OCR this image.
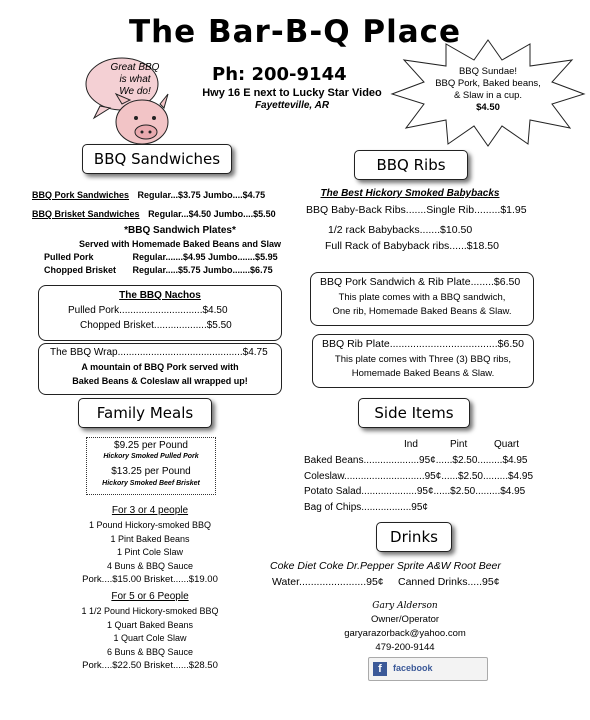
The Bar-B-Q Place
Great BBQ
is what
We do!
Ph: 200-9144
Hwy 16 E next to Lucky Star Video
Fayetteville, AR
BBQ Sundae!
BBQ Pork, Baked beans,
& Slaw in a cup.
$4.50
BBQ Sandwiches
BBQ Pork Sandwiches Regular...$3.75 Jumbo....$4.75
BBQ Brisket Sandwiches Regular...$4.50 Jumbo....$5.50
*BBQ Sandwich Plates*
Served with Homemade Baked Beans and Slaw
Pulled Pork	Regular.......$4.95 Jumbo.......$5.95
Chopped Brisket Regular.....$5.75 Jumbo.......$6.75
The BBQ Nachos
Pulled Pork..............................$4.50
Chopped Brisket...................$5.50
The BBQ Wrap.............................................$4.75
A mountain of BBQ Pork served with
Baked Beans & Coleslaw all wrapped up!
Family Meals
$9.25 per Pound
Hickory Smoked Pulled Pork
$13.25 per Pound
Hickory Smoked Beef Brisket
For 3 or 4 people
1 Pound Hickory-smoked BBQ
1 Pint Baked Beans
1 Pint Cole Slaw
4 Buns & BBQ Sauce
Pork....$15.00 Brisket......$19.00
For 5 or 6 People
1 1/2 Pound Hickory-smoked BBQ
1 Quart Baked Beans
1 Quart Cole Slaw
6 Buns & BBQ Sauce
Pork....$22.50 Brisket......$28.50
BBQ Ribs
The Best Hickory Smoked Babybacks
BBQ Baby-Back Ribs.......Single Rib.........$1.95
1/2 rack Babybacks.......$10.50
Full Rack of Babyback ribs......$18.50
BBQ Pork Sandwich & Rib Plate........$6.50
This plate comes with a BBQ sandwich,
One rib, Homemade Baked Beans & Slaw.
BBQ Rib Plate.....................................$6.50
This plate comes with Three (3) BBQ ribs,
Homemade Baked Beans & Slaw.
Side Items
Ind	Pint	Quart
Baked Beans....................95¢......$2.50.........$4.95
Coleslaw.............................95¢......$2.50.........$4.95
Potato Salad....................95¢......$2.50.........$4.95
Bag of Chips..................95¢
Drinks
Coke Diet Coke Dr.Pepper Sprite A&W Root Beer
Water.......................95¢ Canned Drinks.....95¢
Gary Alderson
Owner/Operator
garyarazorback@yahoo.com
479-200-9144
f	facebook
